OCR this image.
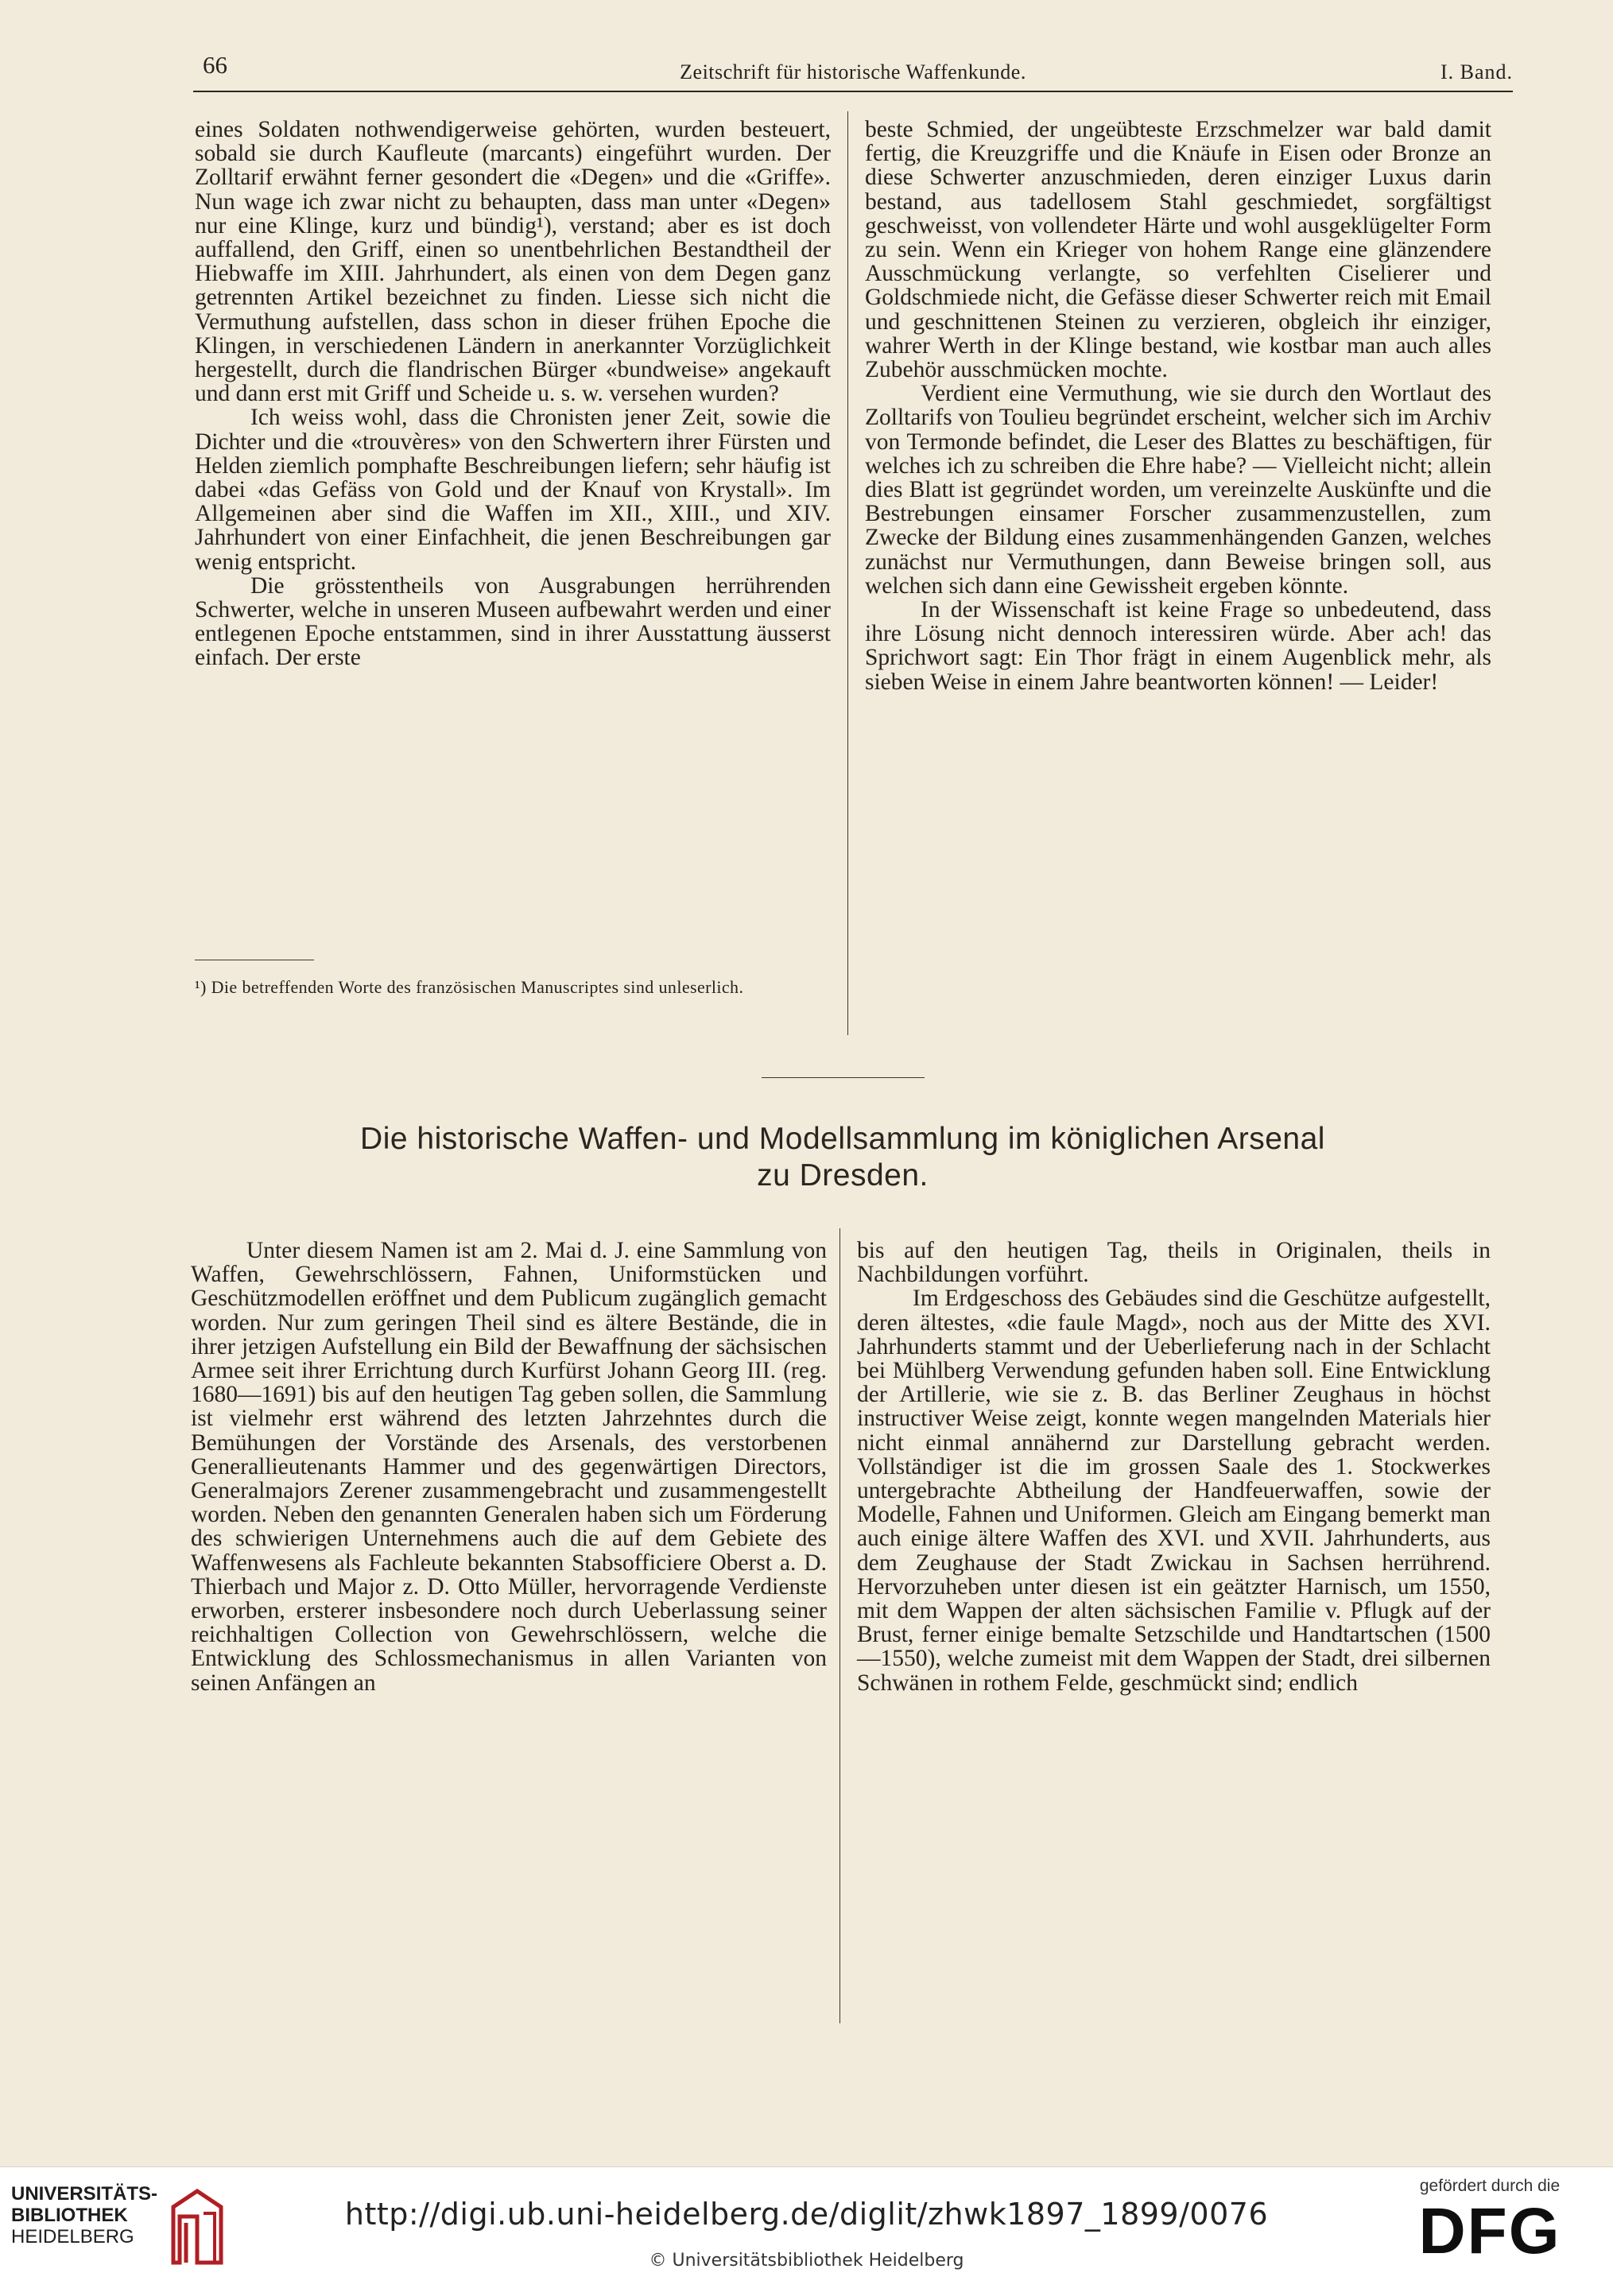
66	Zeitschrift für historische Waffenkunde.	I. Band.

eines Soldaten nothwendigerweise gehörten, wurden besteuert, sobald sie durch Kaufleute (marcants) eingeführt wurden. Der Zolltarif erwähnt ferner gesondert die «Degen» und die «Griffe». Nun wage ich zwar nicht zu behaupten, dass man unter «Degen» nur eine Klinge, kurz und bündig¹), verstand; aber es ist doch auffallend, den Griff, einen so unentbehrlichen Bestandtheil der Hiebwaffe im XIII. Jahrhundert, als einen von dem Degen ganz getrennten Artikel bezeichnet zu finden. Liesse sich nicht die Vermuthung aufstellen, dass schon in dieser frühen Epoche die Klingen, in verschiedenen Ländern in anerkannter Vorzüglichkeit hergestellt, durch die flandrischen Bürger «bundweise» angekauft und dann erst mit Griff und Scheide u. s. w. versehen wurden?

Ich weiss wohl, dass die Chronisten jener Zeit, sowie die Dichter und die «trouvères» von den Schwertern ihrer Fürsten und Helden ziemlich pomphafte Beschreibungen liefern; sehr häufig ist dabei «das Gefäss von Gold und der Knauf von Krystall». Im Allgemeinen aber sind die Waffen im XII., XIII., und XIV. Jahrhundert von einer Einfachheit, die jenen Beschreibungen gar wenig entspricht.

Die grösstentheils von Ausgrabungen herrührenden Schwerter, welche in unseren Museen aufbewahrt werden und einer entlegenen Epoche entstammen, sind in ihrer Ausstattung äusserst einfach. Der erste

beste Schmied, der ungeübteste Erzschmelzer war bald damit fertig, die Kreuzgriffe und die Knäufe in Eisen oder Bronze an diese Schwerter anzuschmieden, deren einziger Luxus darin bestand, aus tadellosem Stahl geschmiedet, sorgfältigst geschweisst, von vollendeter Härte und wohl ausgeklügelter Form zu sein. Wenn ein Krieger von hohem Range eine glänzendere Ausschmückung verlangte, so verfehlten Ciselierer und Goldschmiede nicht, die Gefässe dieser Schwerter reich mit Email und geschnittenen Steinen zu verzieren, obgleich ihr einziger, wahrer Werth in der Klinge bestand, wie kostbar man auch alles Zubehör ausschmücken mochte.

Verdient eine Vermuthung, wie sie durch den Wortlaut des Zolltarifs von Toulieu begründet erscheint, welcher sich im Archiv von Termonde befindet, die Leser des Blattes zu beschäftigen, für welches ich zu schreiben die Ehre habe? — Vielleicht nicht; allein dies Blatt ist gegründet worden, um vereinzelte Auskünfte und die Bestrebungen einsamer Forscher zusammenzustellen, zum Zwecke der Bildung eines zusammenhängenden Ganzen, welches zunächst nur Vermuthungen, dann Beweise bringen soll, aus welchen sich dann eine Gewissheit ergeben könnte.

In der Wissenschaft ist keine Frage so unbedeutend, dass ihre Lösung nicht dennoch interessiren würde. Aber ach! das Sprichwort sagt: Ein Thor frägt in einem Augenblick mehr, als sieben Weise in einem Jahre beantworten können! — Leider!

¹) Die betreffenden Worte des französischen Manuscriptes sind unleserlich.
Die historische Waffen- und Modellsammlung im königlichen Arsenal
zu Dresden.

Unter diesem Namen ist am 2. Mai d. J. eine Sammlung von Waffen, Gewehrschlössern, Fahnen, Uniformstücken und Geschützmodellen eröffnet und dem Publicum zugänglich gemacht worden. Nur zum geringen Theil sind es ältere Bestände, die in ihrer jetzigen Aufstellung ein Bild der Bewaffnung der sächsischen Armee seit ihrer Errichtung durch Kurfürst Johann Georg III. (reg. 1680—1691) bis auf den heutigen Tag geben sollen, die Sammlung ist vielmehr erst während des letzten Jahrzehntes durch die Bemühungen der Vorstände des Arsenals, des verstorbenen Generallieutenants Hammer und des gegenwärtigen Directors, Generalmajors Zerener zusammengebracht und zusammengestellt worden. Neben den genannten Generalen haben sich um Förderung des schwierigen Unternehmens auch die auf dem Gebiete des Waffenwesens als Fachleute bekannten Stabsofficiere Oberst a. D. Thierbach und Major z. D. Otto Müller, hervorragende Verdienste erworben, ersterer insbesondere noch durch Ueberlassung seiner reichhaltigen Collection von Gewehrschlössern, welche die Entwicklung des Schlossmechanismus in allen Varianten von seinen Anfängen an

bis auf den heutigen Tag, theils in Originalen, theils in Nachbildungen vorführt.

Im Erdgeschoss des Gebäudes sind die Geschütze aufgestellt, deren ältestes, «die faule Magd», noch aus der Mitte des XVI. Jahrhunderts stammt und der Ueberlieferung nach in der Schlacht bei Mühlberg Verwendung gefunden haben soll. Eine Entwicklung der Artillerie, wie sie z. B. das Berliner Zeughaus in höchst instructiver Weise zeigt, konnte wegen mangelnden Materials hier nicht einmal annähernd zur Darstellung gebracht werden. Vollständiger ist die im grossen Saale des 1. Stockwerkes untergebrachte Abtheilung der Handfeuerwaffen, sowie der Modelle, Fahnen und Uniformen. Gleich am Eingang bemerkt man auch einige ältere Waffen des XVI. und XVII. Jahrhunderts, aus dem Zeughause der Stadt Zwickau in Sachsen herrührend. Hervorzuheben unter diesen ist ein geätzter Harnisch, um 1550, mit dem Wappen der alten sächsischen Familie v. Pflugk auf der Brust, ferner einige bemalte Setzschilde und Handtartschen (1500—1550), welche zumeist mit dem Wappen der Stadt, drei silbernen Schwänen in rothem Felde, geschmückt sind; endlich

UNIVERSITÄTS-
BIBLIOTHEK
HEIDELBERG
http://digi.ub.uni-heidelberg.de/diglit/zhwk1897_1899/0076
© Universitätsbibliothek Heidelberg
gefördert durch die
DFG
